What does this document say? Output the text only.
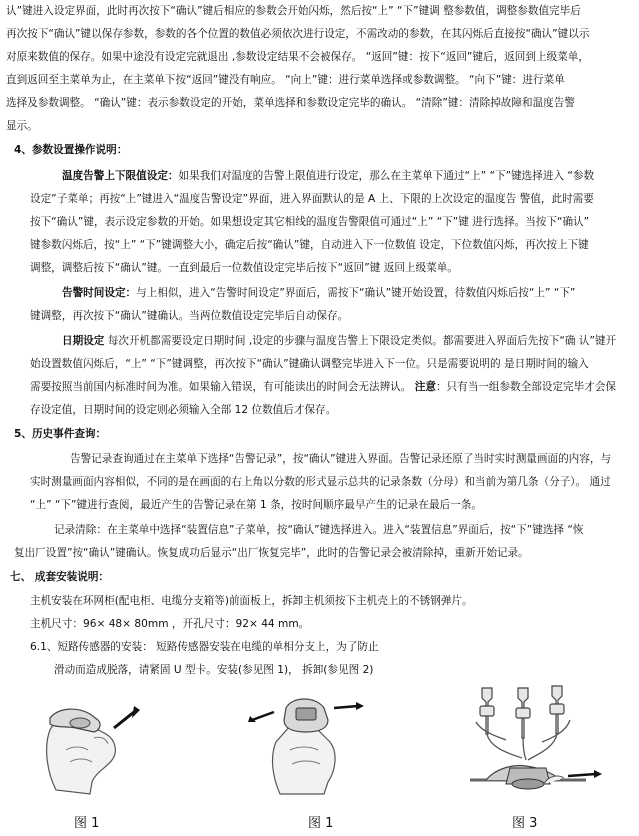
认”键进入设定界面，此时再次按下“确认”键后相应的参数会开始闪烁，然后按“上” “下”键调 整参数值，调整参数值完毕后
再次按下“确认”键以保存参数，参数的各个位置的数值必须依次进行设定，不需改动的参数，在其闪烁后直接按“确认”键以示
对原来数值的保存。如果中途没有设定完就退出 ,参数设定结果不会被保存。 “返回”键：按下“返回”键后，返回到上级菜单，
直到返回至主菜单为止，在主菜单下按“返回”键没有响应。 “向上”键：进行菜单选择或参数调整。 “向下”键：进行菜单
选择及参数调整。 “确认”键：表示参数设定的开始，菜单选择和参数设定完毕的确认。 “清除”键：清除掉故障和温度告警
显示。
4、参数设置操作说明：
温度告警上下限值设定：如果我们对温度的告警上限值进行设定，那么在主菜单下通过“上” “下”键选择进入 “参数
设定”子菜单；再按“上”键进入“温度告警设定”界面，进入界面默认的是 A 上、下限的上次设定的温度告 警值，此时需要
按下“确认”键，表示设定参数的开始。如果想设定其它相线的温度告警限值可通过“上” “下”键 进行选择。当按下“确认”
键参数闪烁后，按“上” “下”键调整大小，确定后按“确认”键，自动进入下一位数值 设定，下位数值闪烁，再次按上下键
调整，调整后按下“确认”键。一直到最后一位数值设定完毕后按下“返回”键 返回上级菜单。
告警时间设定：与上相似，进入“告警时间设定”界面后，需按下“确认”键开始设置，待数值闪烁后按“上” “下”
键调整，再次按下“确认”键确认。当两位数值设定完毕后自动保存。
日期设定 每次开机都需要设定日期时间 ,设定的步骤与温度告警上下限设定类似。都需要进入界面后先按下“确 认”键开
始设置数值闪烁后，“上” “下”键调整，再次按下“确认”键确认调整完毕进入下一位。只是需要说明的 是日期时间的输入
需要按照当前国内标准时间为准。如果输入错误，有可能读出的时间会无法辨认。 注意：只有当一组参数全部设定完毕才会保
存设定值，日期时间的设定则必须输入全部 12 位数值后才保存。
5、历史事件查询：
告警记录查询通过在主菜单下选择“告警记录”，按“确认”键进入界面。告警记录还原了当时实时测量画面的内容，与
实时测量画面内容相似，不同的是在画面的右上角以分数的形式显示总共的记录条数（分母）和当前为第几条（分子）。 通过
“上” “下”键进行查阅，最近产生的告警记录在第 1 条，按时间顺序最早产生的记录在最后一条。
记录清除：在主菜单中选择“装置信息”子菜单，按“确认”键选择进入。进入“装置信息”界面后，按“下”键选择 “恢
复出厂设置”按“确认”键确认。恢复成功后显示“出厂恢复完毕”，此时的告警记录会被清除掉，重新开始记录。
七、 成套安装说明：
主机安装在环网柜(配电柜、电缆分支箱等)前面板上，拆卸主机须按下主机壳上的不锈钢弹片。
主机尺寸：96× 48× 80mm ，开孔尺寸：92× 44 mm。
6.1、短路传感器的安装： 短路传感器安装在电缆的单相分支上，为了防止
滑动而造成脱落，请紧固 U 型卡。安装(参见图 1)， 拆卸(参见图 2)
图 1	图 1	图 3
